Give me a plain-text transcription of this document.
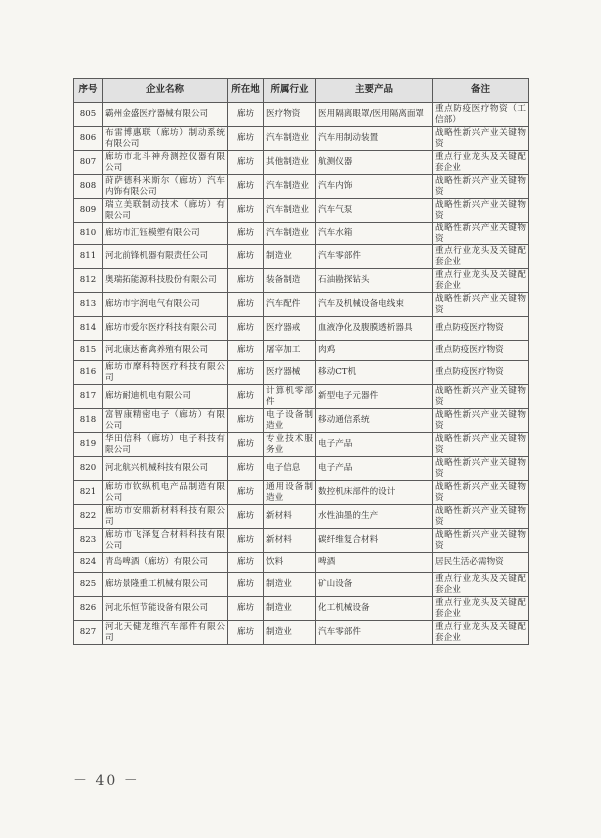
序号	企业名称	所在地	所属行业	主要产品	备注
805	霸州金盛医疗器械有限公司	廊坊	医疗物资	医用隔离眼罩/医用隔离面罩	重点防疫医疗物资（工信部）
806	布雷博惠联（廊坊）制动系统有限公司	廊坊	汽车制造业	汽车用制动装置	战略性新兴产业关键物资
807	廊坊市北斗神舟测控仪器有限公司	廊坊	其他制造业	航测仪器	重点行业龙头及关键配套企业
808	莳萨德科米斯尔（廊坊）汽车内饰有限公司	廊坊	汽车制造业	汽车内饰	战略性新兴产业关键物资
809	瑞立美联制动技术（廊坊）有限公司	廊坊	汽车制造业	汽车气泵	战略性新兴产业关键物资
810	廊坊市汇钰模塑有限公司	廊坊	汽车制造业	汽车水箱	战略性新兴产业关键物资
811	河北前锋机器有限责任公司	廊坊	制造业	汽车零部件	重点行业龙头及关键配套企业
812	奥瑞拓能源科技股份有限公司	廊坊	装备制造	石油勘探钻头	重点行业龙头及关键配套企业
813	廊坊市宇润电气有限公司	廊坊	汽车配件	汽车及机械设备电线束	战略性新兴产业关键物资
814	廊坊市爱尔医疗科技有限公司	廊坊	医疗器戒	血液净化及腹膜透析器具	重点防疫医疗物资
815	河北康达畜禽养殖有限公司	廊坊	屠宰加工	肉鸡	重点防疫医疗物资
816	廊坊市摩科特医疗科技有限公司	廊坊	医疗器械	移动CT机	重点防疫医疗物资
817	廊坊耐迪机电有限公司	廊坊	计算机零部件	新型电子元器件	战略性新兴产业关键物资
818	富智康精密电子（廊坊）有限公司	廊坊	电子设备制造业	移动通信系统	战略性新兴产业关键物资
819	华田信科（廊坊）电子科技有限公司	廊坊	专业技术服务业	电子产品	战略性新兴产业关键物资
820	河北航兴机械科技有限公司	廊坊	电子信息	电子产品	战略性新兴产业关键物资
821	廊坊市钦纵机电产品制造有限公司	廊坊	通用设备制造业	数控机床部件的设计	战略性新兴产业关键物资
822	廊坊市安鼎新材料科技有限公司	廊坊	新材料	水性油墨的生产	战略性新兴产业关键物资
823	廊坊市飞泽复合材料科技有限公司	廊坊	新材料	碳纤维复合材料	战略性新兴产业关键物资
824	青岛啤酒（廊坊）有限公司	廊坊	饮料	啤酒	居民生活必需物资
825	廊坊景隆重工机械有限公司	廊坊	制造业	矿山设备	重点行业龙头及关键配套企业
826	河北乐恒节能设备有限公司	廊坊	制造业	化工机械设备	重点行业龙头及关键配套企业
827	河北天健龙维汽车部件有限公司	廊坊	制造业	汽车零部件	重点行业龙头及关键配套企业
－ 40 －
